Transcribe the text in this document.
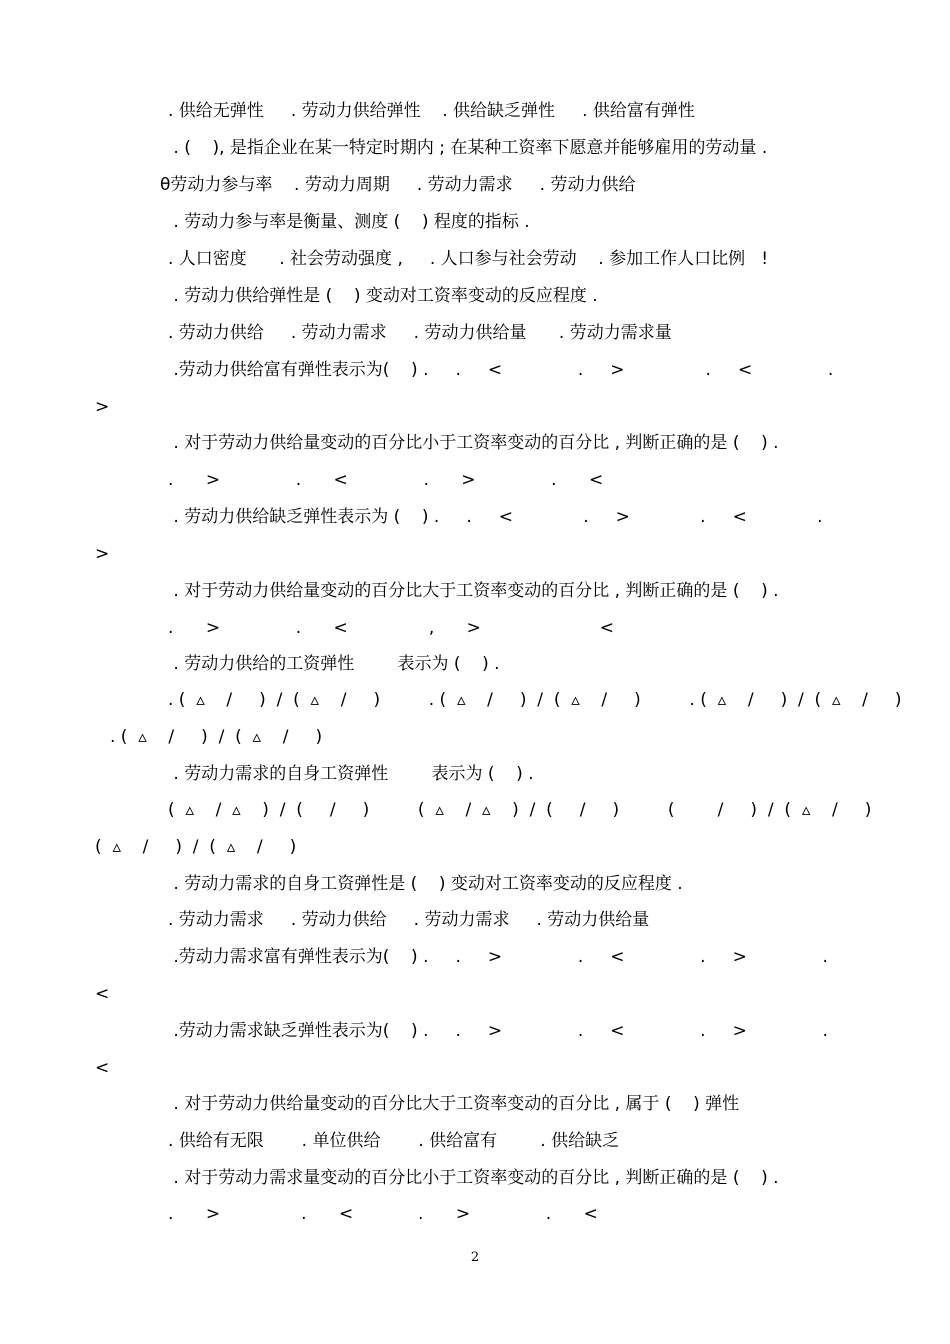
. 供给无弹性     . 劳动力供给弹性    . 供给缺乏弹性     . 供给富有弹性
. (    ), 是指企业在某一特定时期内 ; 在某种工资率下愿意并能够雇用的劳动量 .
θ劳动力参与率    . 劳动力周期     . 劳动力需求     . 劳动力供给
. 劳动力参与率是衡量、测度 (    ) 程度的指标 .
. 人口密度      . 社会劳动强度 ,     . 人口参与社会劳动    . 参加工作人口比例   !
. 劳动力供给弹性是 (    ) 变动对工资率变动的反应程度 .
. 劳动力供给     . 劳动力需求     . 劳动力供给量      . 劳动力需求量
.劳动力供给富有弹性表示为(    ) .     .     <              .     >               .     <              .
>
. 对于劳动力供给量变动的百分比小于工资率变动的百分比 , 判断正确的是 (    ) .
.      >              .      <              .      >              .      <
. 劳动力供给缺乏弹性表示为 (    ) .     .     <             .     >             .     <             .
>
. 对于劳动力供给量变动的百分比大于工资率变动的百分比 , 判断正确的是 (    ) .
.      >              .      <               ,      >                      <
. 劳动力供给的工资弹性        表示为 (    ) .
. (  ▵    /     )  /  (  ▵    /     )         . (  ▵    /     )  /  (  ▵    /     )         . (  ▵    /     )  /  (  ▵    /     )
. (  ▵    /     )  /  (  ▵    /     )
. 劳动力需求的自身工资弹性        表示为 (    ) .
(  ▵    /  ▵    )  /  (     /     )         (  ▵    /  ▵    )  /  (     /     )         (        /     )  /  (  ▵    /     )
(  ▵    /     )  /  (  ▵    /     )
. 劳动力需求的自身工资弹性是 (    ) 变动对工资率变动的反应程度 .
. 劳动力需求     . 劳动力供给     . 劳动力需求     . 劳动力供给量
.劳动力需求富有弹性表示为(    ) .     .     >              .     <              .     >              .
<
.劳动力需求缺乏弹性表示为(    ) .     .     >              .     <              .     >              .
<
. 对于劳动力供给量变动的百分比大于工资率变动的百分比 , 属于 (    ) 弹性
. 供给有无限       . 单位供给       . 供给富有        . 供给缺乏
. 对于劳动力需求量变动的百分比小于工资率变动的百分比 , 判断正确的是 (    ) .
.      >               .      <            .      >              .      <
2
